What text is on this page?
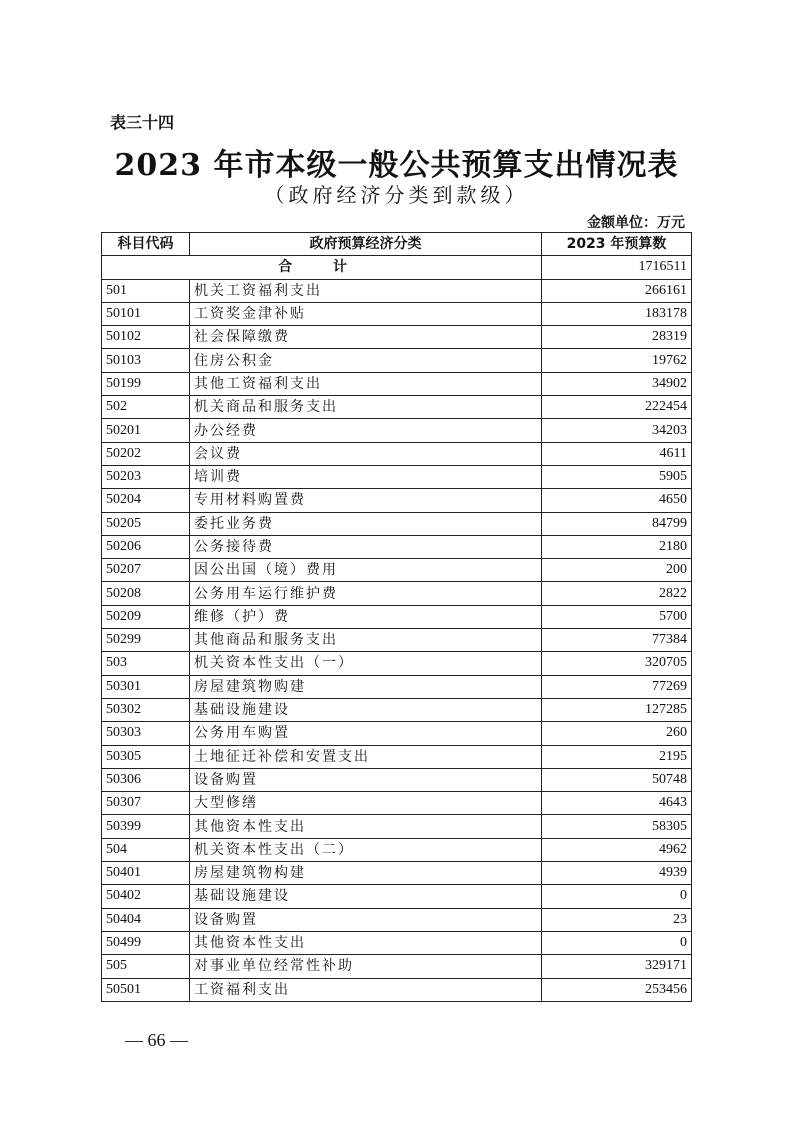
表三十四
2023 年市本级一般公共预算支出情况表
（政府经济分类到款级）
金额单位：万元
科目代码	政府预算经济分类	2023 年预算数
合 计		1716511
501	机关工资福利支出	266161
50101	工资奖金津补贴	183178
50102	社会保障缴费	28319
50103	住房公积金	19762
50199	其他工资福利支出	34902
502	机关商品和服务支出	222454
50201	办公经费	34203
50202	会议费	4611
50203	培训费	5905
50204	专用材料购置费	4650
50205	委托业务费	84799
50206	公务接待费	2180
50207	因公出国（境）费用	200
50208	公务用车运行维护费	2822
50209	维修（护）费	5700
50299	其他商品和服务支出	77384
503	机关资本性支出（一）	320705
50301	房屋建筑物购建	77269
50302	基础设施建设	127285
50303	公务用车购置	260
50305	土地征迁补偿和安置支出	2195
50306	设备购置	50748
50307	大型修缮	4643
50399	其他资本性支出	58305
504	机关资本性支出（二）	4962
50401	房屋建筑物构建	4939
50402	基础设施建设	0
50404	设备购置	23
50499	其他资本性支出	0
505	对事业单位经常性补助	329171
50501	工资福利支出	253456
— 66 —
